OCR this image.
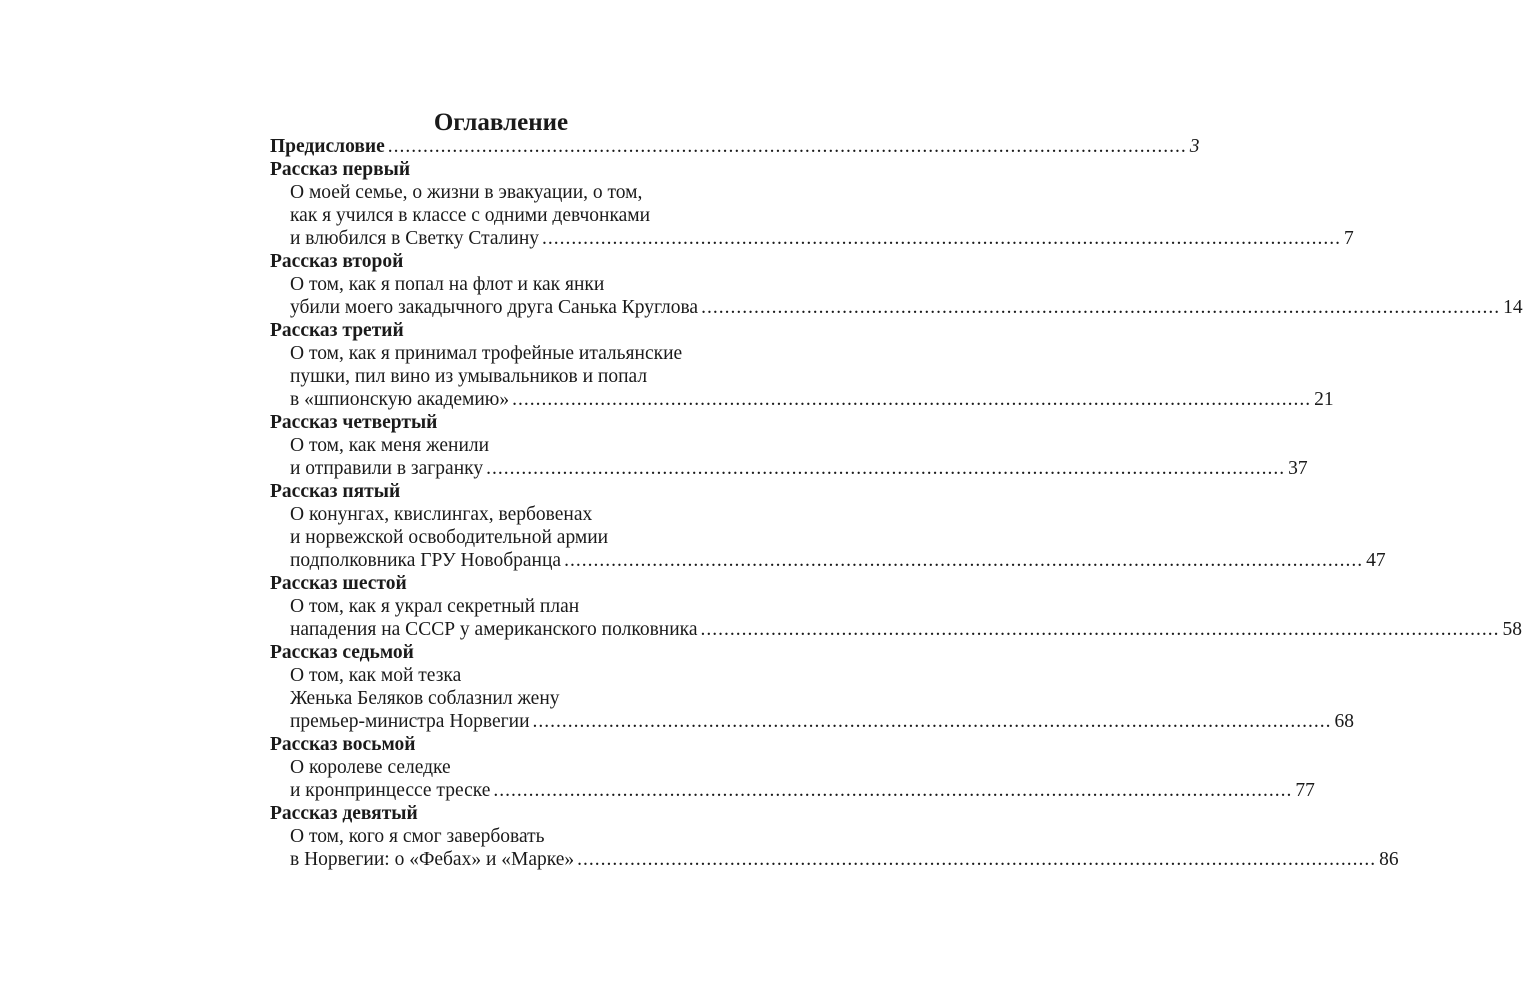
Оглавление
Предисловие ........................................................................................................................................ 3
Рассказ первый
О моей семье, о жизни в эвакуации, о том,
как я учился в классе с одними девчонками
и влюбился в Светку Сталину ........................................................................................................................................ 7
Рассказ второй
О том, как я попал на флот и как янки
убили моего закадычного друга Санька Круглова ........................................................................................................................................ 14
Рассказ третий
О том, как я принимал трофейные итальянские
пушки, пил вино из умывальников и попал
в «шпионскую академию» ........................................................................................................................................ 21
Рассказ четвертый
О том, как меня женили
и отправили в загранку ........................................................................................................................................ 37
Рассказ пятый
О конунгах, квислингах, вербовенах
и норвежской освободительной армии
подполковника ГРУ Новобранца ........................................................................................................................................ 47
Рассказ шестой
О том, как я украл секретный план
нападения на СССР у американского полковника ........................................................................................................................................ 58
Рассказ седьмой
О том, как мой тезка
Женька Беляков соблазнил жену
премьер-министра Норвегии ........................................................................................................................................ 68
Рассказ восьмой
О королеве селедке
и кронпринцессе треске ........................................................................................................................................ 77
Рассказ девятый
О том, кого я смог завербовать
в Норвегии: о «Фебах» и «Марке» ........................................................................................................................................ 86
